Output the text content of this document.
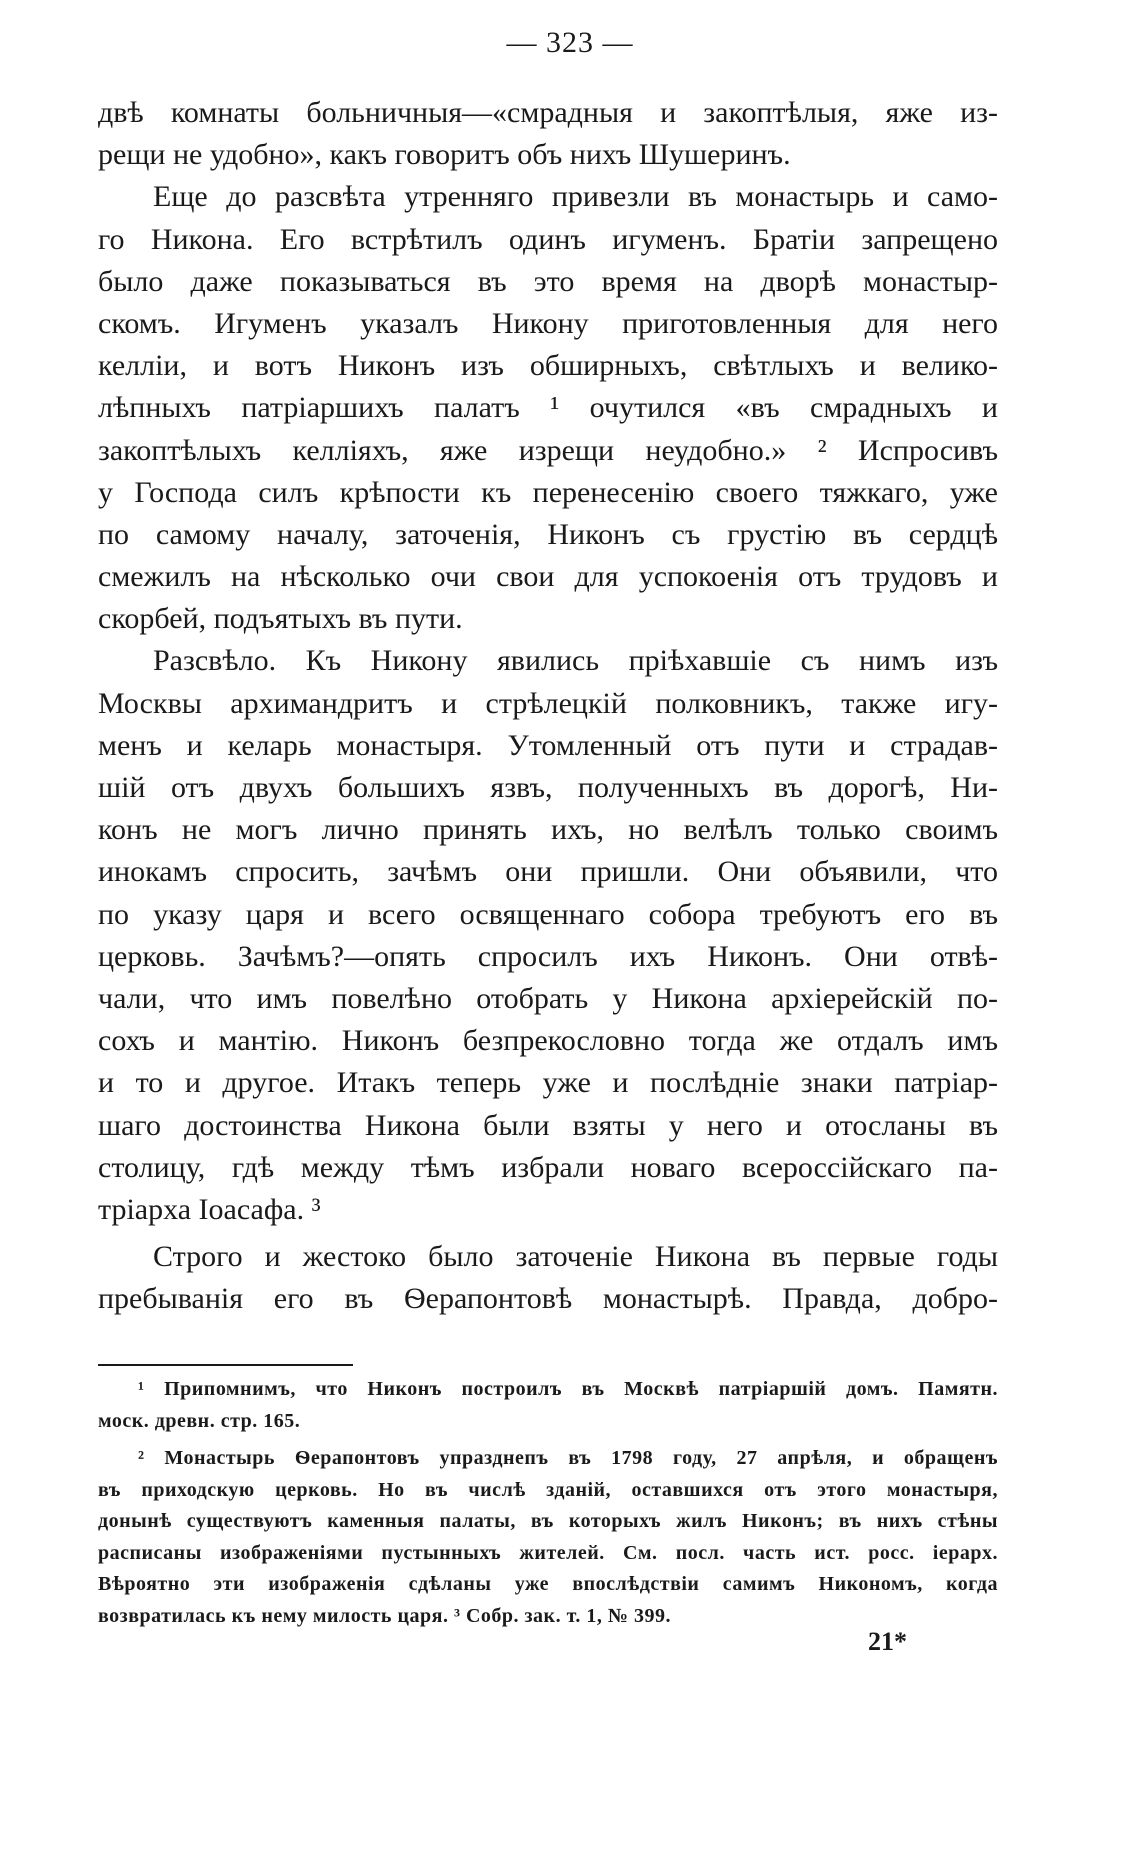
— 323 —
двѣ комнаты больничныя—«смрадныя и закоптѣлыя, яже из-
рещи не удобно», какъ говоритъ объ нихъ Шушеринъ.
Еще до разсвѣта утренняго привезли въ монастырь и само-
го Никона. Его встрѣтилъ одинъ игуменъ. Братіи запрещено
было даже показываться въ это время на дворѣ монастыр-
скомъ. Игуменъ указалъ Никону приготовленныя для него
келліи, и вотъ Никонъ изъ обширныхъ, свѣтлыхъ и велико-
лѣпныхъ патріаршихъ палатъ ¹ очутился «въ смрадныхъ и
закоптѣлыхъ келліяхъ, яже изрещи неудобно.» ² Испросивъ
у Господа силъ крѣпости къ перенесенію своего тяжкаго, уже
по самому началу, заточенія, Никонъ съ грустію въ сердцѣ
смежилъ на нѣсколько очи свои для успокоенія отъ трудовъ и
скорбей, подъятыхъ въ пути.
Разсвѣло. Къ Никону явились пріѣхавшіе съ нимъ изъ
Москвы архимандритъ и стрѣлецкій полковникъ, также игу-
менъ и келарь монастыря. Утомленный отъ пути и страдав-
шій отъ двухъ большихъ язвъ, полученныхъ въ дорогѣ, Ни-
конъ не могъ лично принять ихъ, но велѣлъ только своимъ
инокамъ спросить, зачѣмъ они пришли. Они объявили, что
по указу царя и всего освященнаго собора требуютъ его въ
церковь. Зачѣмъ?—опять спросилъ ихъ Никонъ. Они отвѣ-
чали, что имъ повелѣно отобрать у Никона архіерейскій по-
сохъ и мантію. Никонъ безпрекословно тогда же отдалъ имъ
и то и другое. Итакъ теперь уже и послѣдніе знаки патріар-
шаго достоинства Никона были взяты у него и отосланы въ
столицу, гдѣ между тѣмъ избрали новаго всероссійскаго па-
тріарха Іоасафа. ³
Строго и жестоко было заточеніе Никона въ первые годы
пребыванія его въ Ѳерапонтовѣ монастырѣ. Правда, добро-
¹ Припомнимъ, что Никонъ построилъ въ Москвѣ патріаршій домъ. Памятн.
моск. древн. стр. 165.
² Монастырь Ѳерапонтовъ упразднепъ въ 1798 году, 27 апрѣля, и обращенъ
въ приходскую церковь. Но въ числѣ зданій, оставшихся отъ этого монастыря,
донынѣ существуютъ каменныя палаты, въ которыхъ жилъ Никонъ; въ нихъ стѣны
расписаны изображеніями пустынныхъ жителей. См. посл. часть ист. росс. іерарх.
Вѣроятно эти изображенія сдѣланы уже впослѣдствіи самимъ Никономъ, когда
возвратилась къ нему милость царя. ³ Собр. зак. т. 1, № 399.
21*
